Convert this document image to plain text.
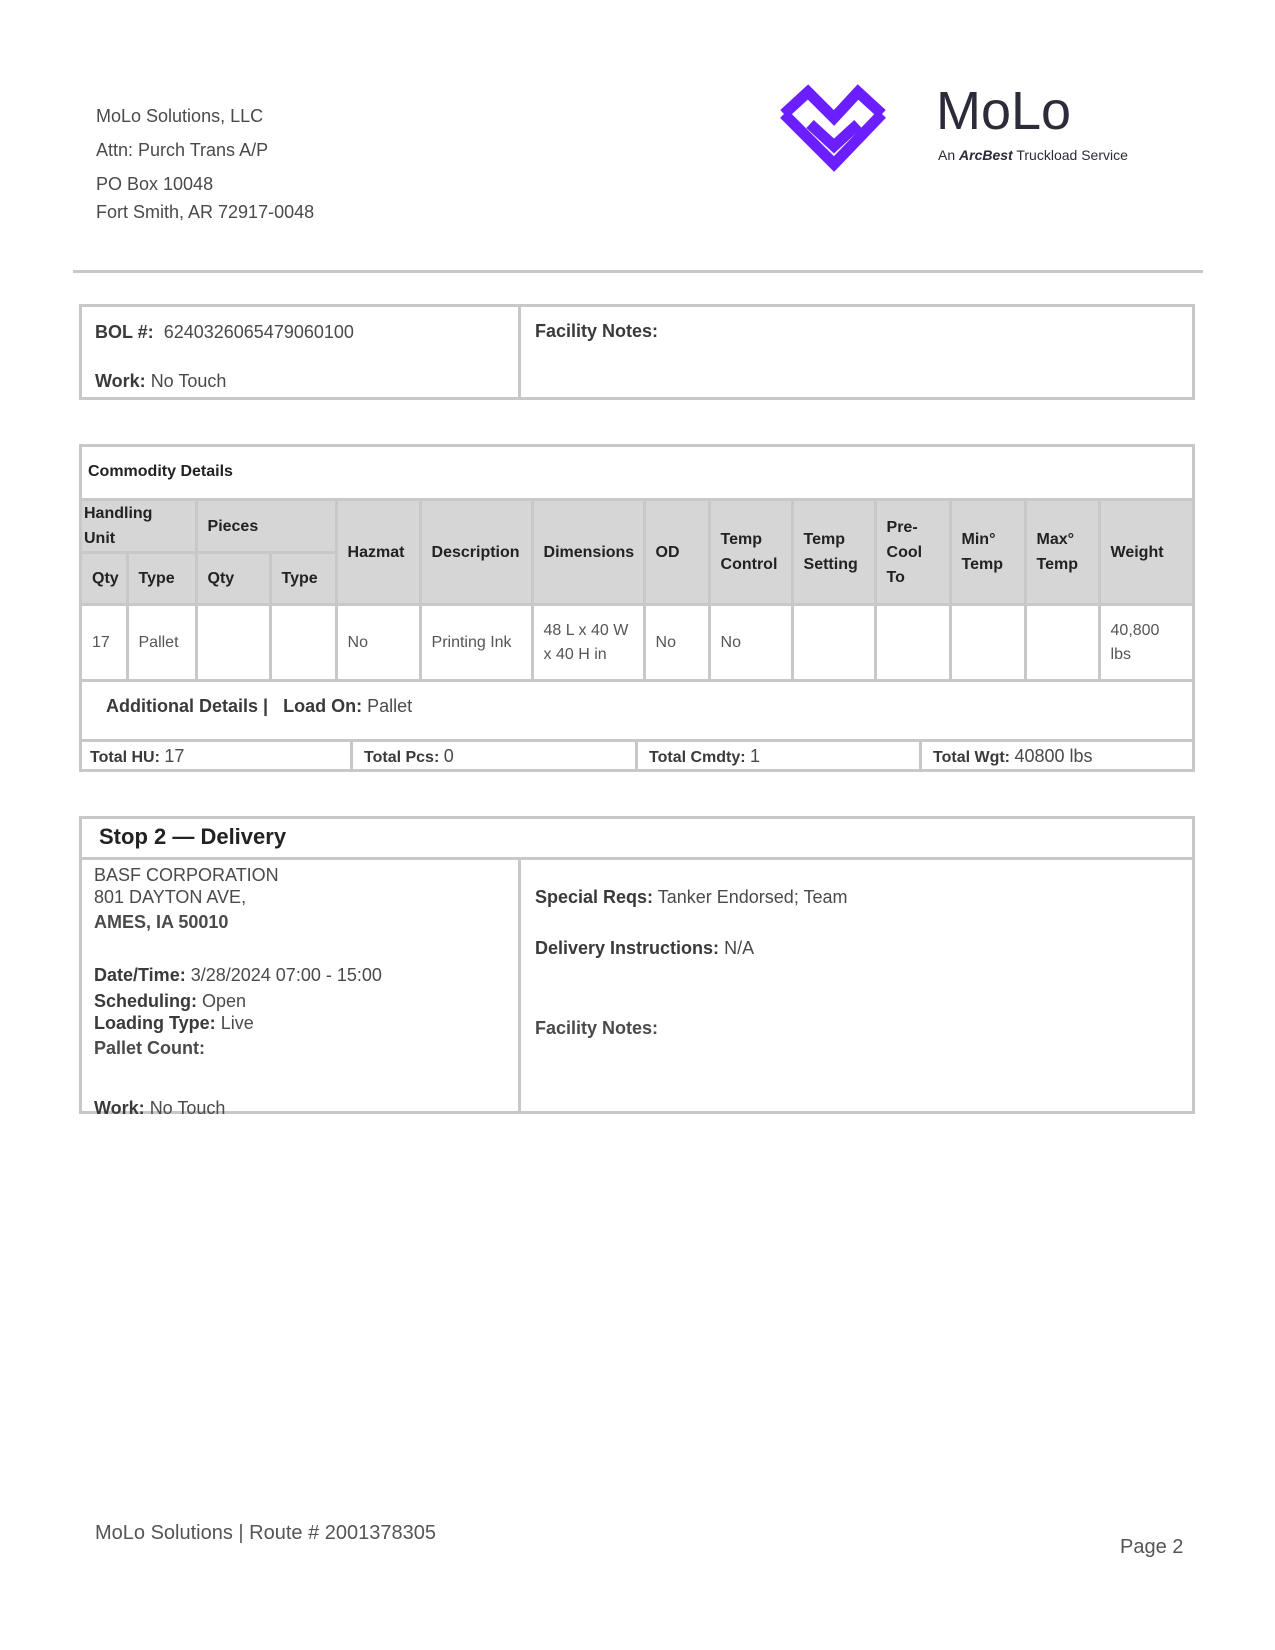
MoLo Solutions, LLC
Attn: Purch Trans A/P
PO Box 10048
Fort Smith, AR 72917-0048
MoLo
An ArcBest Truckload Service
BOL #: 6240326065479060100
Work: No Touch
Facility Notes:
Commodity Details
Handling Unit		Pieces		Hazmat	Description	Dimensions	OD	Temp Control	Temp Setting	Pre-Cool To	Min° Temp	Max° Temp	Weight
Qty	Type	Qty	Type										
17	Pallet			No	Printing Ink	48 L x 40 W x 40 H in	No	No					40,800 lbs
Additional Details | Load On: Pallet
Total HU: 17	Total Pcs: 0	Total Cmdty: 1	Total Wgt: 40800 lbs
Stop 2 — Delivery
BASF CORPORATION
801 DAYTON AVE,
AMES, IA 50010
Date/Time: 3/28/2024 07:00 - 15:00
Scheduling: Open
Loading Type: Live
Pallet Count:
Work: No Touch
Special Reqs: Tanker Endorsed; Team
Delivery Instructions: N/A
Facility Notes:
MoLo Solutions | Route # 2001378305
Page 2
